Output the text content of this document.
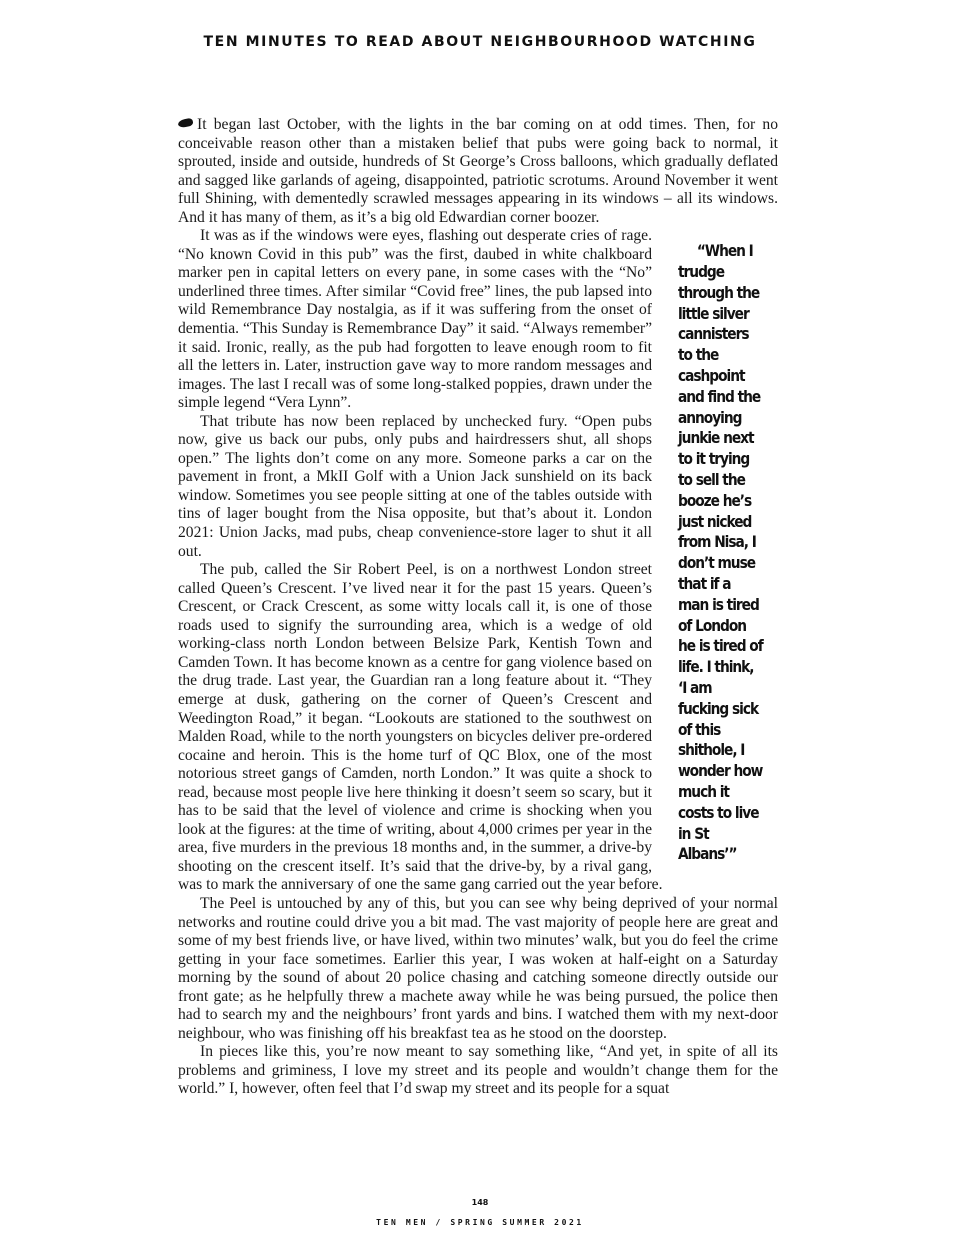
TEN MINUTES TO READ ABOUT NEIGHBOURHOOD WATCHING

It began last October, with the lights in the bar coming on at odd times. Then, for no conceivable reason other than a mistaken belief that pubs were going back to normal, it sprouted, inside and outside, hundreds of St George’s Cross balloons, which gradually deflated and sagged like garlands of ageing, disappointed, patriotic scrotums. Around November it went full Shining, with dementedly scrawled messages appearing in its windows – all its windows. And it has many of them, as it’s a big old Edwardian corner boozer.

“When I trudge through the little silver cannisters to the cashpoint and find the annoying junkie next to it trying to sell the booze he’s just nicked from Nisa, I don’t muse that if a man is tired of London he is tired of life. I think, ‘I am fucking sick of this shithole, I wonder how much it costs to live in St Albans’”
It was as if the windows were eyes, flashing out desperate cries of rage. “No known Covid in this pub” was the first, daubed in white chalkboard marker pen in capital letters on every pane, in some cases with the “No” underlined three times. After similar “Covid free” lines, the pub lapsed into wild Remembrance Day nostalgia, as if it was suffering from the onset of dementia. “This Sunday is Remembrance Day” it said. “Always remember” it said. Ironic, really, as the pub had forgotten to leave enough room to fit all the letters in. Later, instruction gave way to more random messages and images. The last I recall was of some long-stalked poppies, drawn under the simple legend “Vera Lynn”.

That tribute has now been replaced by unchecked fury. “Open pubs now, give us back our pubs, only pubs and hairdressers shut, all shops open.” The lights don’t come on any more. Someone parks a car on the pavement in front, a MkII Golf with a Union Jack sunshield on its back window. Sometimes you see people sitting at one of the tables outside with tins of lager bought from the Nisa opposite, but that’s about it. London 2021: Union Jacks, mad pubs, cheap convenience-store lager to shut it all out.

The pub, called the Sir Robert Peel, is on a northwest London street called Queen’s Crescent. I’ve lived near it for the past 15 years. Queen’s Crescent, or Crack Crescent, as some witty locals call it, is one of those roads used to signify the surrounding area, which is a wedge of old working-class north London between Belsize Park, Kentish Town and Camden Town. It has become known as a centre for gang violence based on the drug trade. Last year, the Guardian ran a long feature about it. “They emerge at dusk, gathering on the corner of Queen’s Crescent and Weedington Road,” it began. “Lookouts are stationed to the southwest on Malden Road, while to the north youngsters on bicycles deliver pre-ordered cocaine and heroin. This is the home turf of QC Blox, one of the most notorious street gangs of Camden, north London.” It was quite a shock to read, because most people live here thinking it doesn’t seem so scary, but it has to be said that the level of violence and crime is shocking when you look at the figures: at the time of writing, about 4,000 crimes per year in the area, five murders in the previous 18 months and, in the summer, a drive-by shooting on the crescent itself. It’s said that the drive-by, by a rival gang, was to mark the anniversary of one the same gang carried out the year before.

The Peel is untouched by any of this, but you can see why being deprived of your normal networks and routine could drive you a bit mad. The vast majority of people here are great and some of my best friends live, or have lived, within two minutes’ walk, but you do feel the crime getting in your face sometimes. Earlier this year, I was woken at half-eight on a Saturday morning by the sound of about 20 police chasing and catching someone directly outside our front gate; as he helpfully threw a machete away while he was being pursued, the police then had to search my and the neighbours’ front yards and bins. I watched them with my next-door neighbour, who was finishing off his breakfast tea as he stood on the doorstep.

In pieces like this, you’re now meant to say something like, “And yet, in spite of all its problems and griminess, I love my street and its people and wouldn’t change them for the world.” I, however, often feel that I’d swap my street and its people for a squat

148
TEN MEN / SPRING SUMMER 2021
